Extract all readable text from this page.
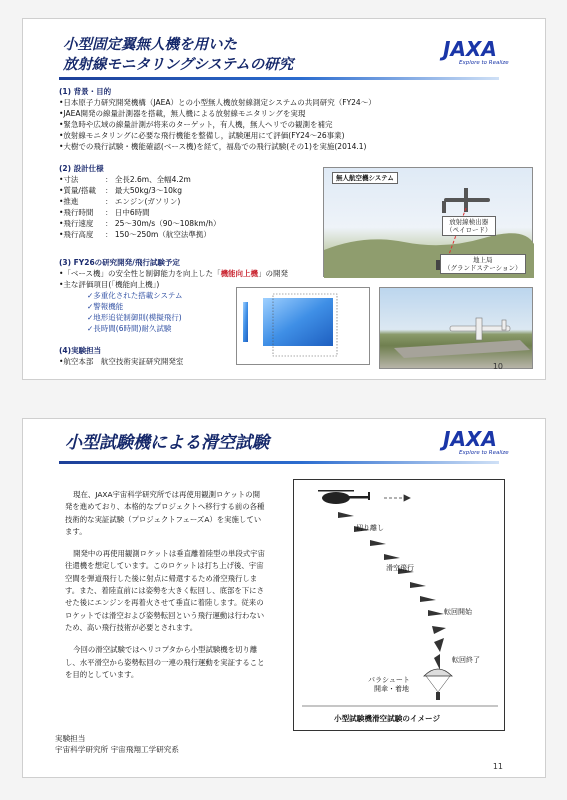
小型固定翼無人機を用いた
放射線モニタリングシステムの研究
JAXA
Explore to Realize
(1) 背景・目的
•日本原子力研究開発機構（JAEA）との小型無人機放射線測定システムの共同研究（FY24～）
•JAEA開発の線量計測器を搭載，無人機による放射線モニタリングを実現
•緊急時や広域の線量計測が将来のターゲット，有人機，無人ヘリでの観測を補完
•放射線モニタリングに必要な飛行機能を整備し，試験運用にて評価(FY24～26事業)
•大樹での飛行試験・機能確認(ベース機)を経て，福島での飛行試験(その1)を実施(2014.1)
(2) 設計仕様
•寸法	： 全長2.6m、全幅4.2m
•質量/搭載	： 最大50kg/3～10kg
•推進	： エンジン(ガソリン)
•飛行時間	： 日中6時間
•飛行速度	： 25～30m/s（90～108km/h）
•飛行高度	： 150～250m（航空法準拠）
無人航空機システム
放射線検出器
（ペイロード）
地上局
（グランドステーション）
(3) FY26の研究開発/飛行試験予定
•「ベース機」の安全性と制御能力を向上した「機能向上機」の開発
•主な評価項目(「機能向上機」)
✓多重化された搭載システム
✓警報機能
✓地形追従制御則(模擬飛行)
✓長時間(6時間)耐久試験
(4)実験担当
•航空本部　航空技術実証研究開発室
10
小型試験機による滑空試験	JAXA
Explore to Realize

現在、JAXA宇宙科学研究所では再使用観測ロケットの開発を進めており、本格的なプロジェクトへ移行する前の各種技術的な実証試験（プロジェクトフェーズA）を実施しています。

開発中の再使用観測ロケットは垂直離着陸型の単段式宇宙往還機を想定しています。このロケットは打ち上げ後、宇宙空間を弾道飛行した後に射点に帰還するため滑空飛行します。また、着陸直前には姿勢を大きく転回し、底部を下にさせた後にエンジンを再着火させて垂直に着陸します。従来のロケットでは滑空および姿勢転回という飛行運動は行わないため、高い飛行技術が必要とされます。

今回の滑空試験ではヘリコプタから小型試験機を切り離し、水平滑空から姿勢転回の一連の飛行運動を実証することを目的としています。

実験担当
宇宙科学研究所 宇宙飛翔工学研究系
切り離し
滑空飛行
転回開始
転回終了
パラシュート
開傘・着地
小型試験機滑空試験のイメージ
11
